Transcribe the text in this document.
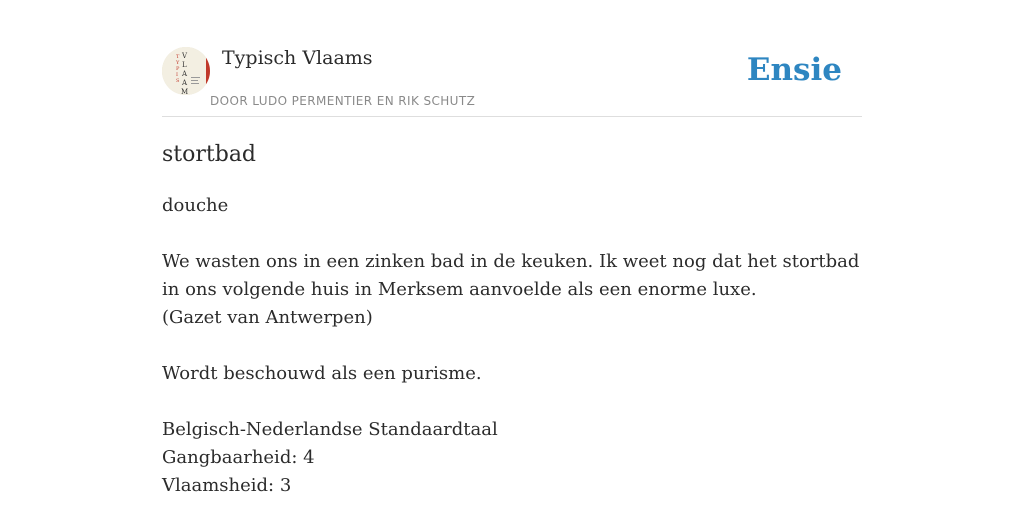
T
Y
P
I
S
V
L
A
A
M
Typisch Vlaams
DOOR LUDO PERMENTIER EN RIK SCHUTZ
Ensie
stortbad

douche

We wasten ons in een zinken bad in de keuken. Ik weet nog dat het stortbad in ons volgende huis in Merksem aanvoelde als een enorme luxe.

(Gazet van Antwerpen)

Wordt beschouwd als een purisme.

Belgisch-Nederlandse Standaardtaal

Gangbaarheid: 4

Vlaamsheid: 3
